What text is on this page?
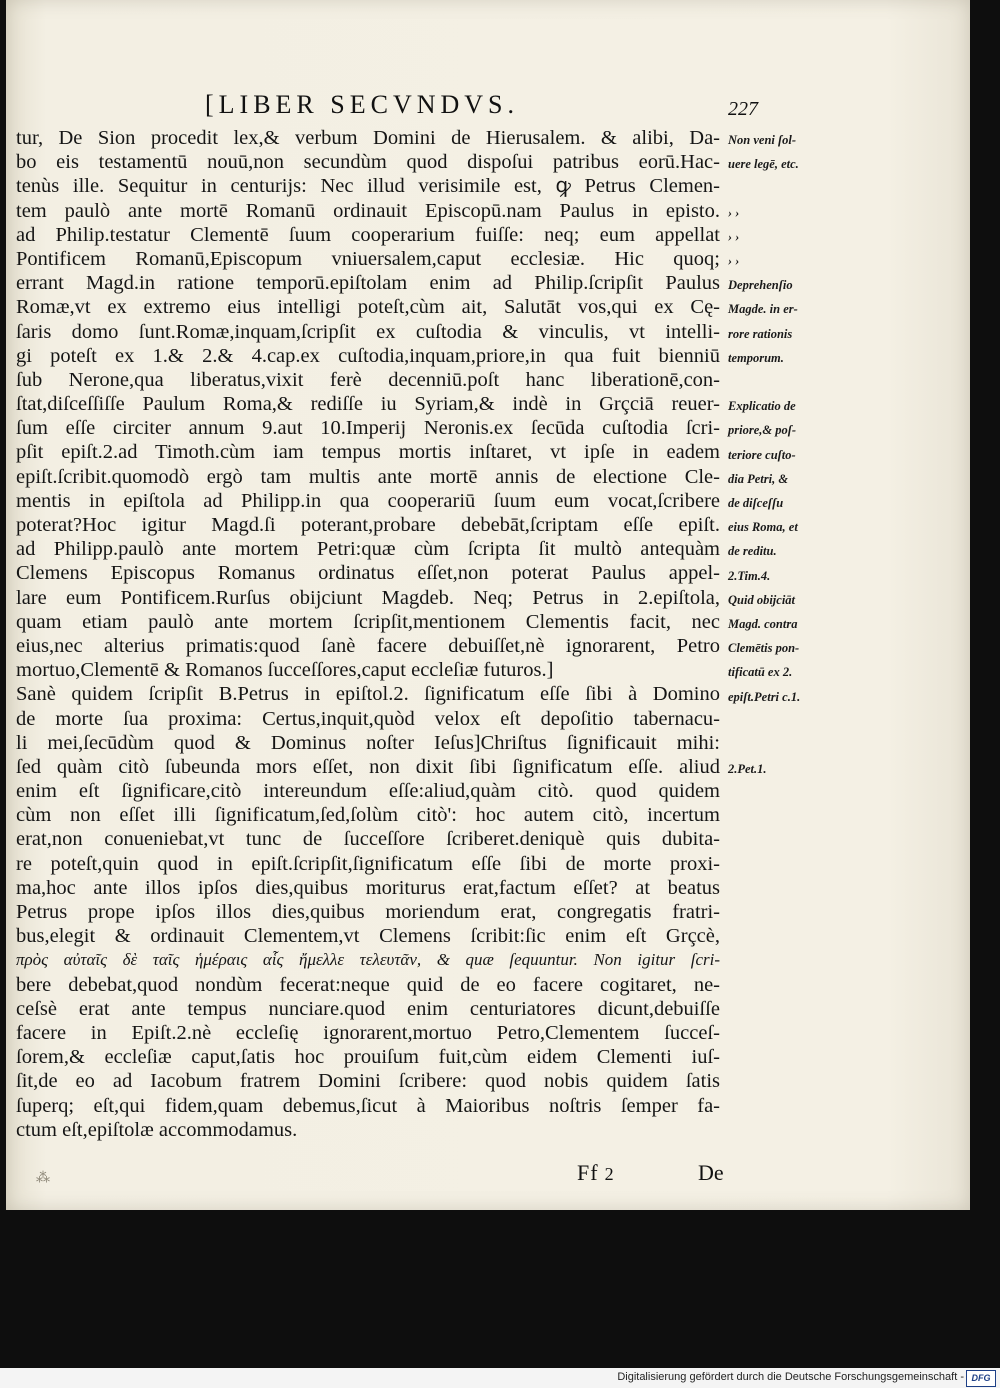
[LIBER SECVNDVS.	227
tur, De Sion procedit lex,& verbum Domini de Hierusalem. & alibi, Da-
bo eis testamentū nouū,non secundùm quod dispoſui patribus eorū.Hac-
tenùs ille. Sequitur in centurijs: Nec illud verisimile est, ꝙ Petrus Clemen-
tem paulò ante mortē Romanū ordinauit Episcopū.nam Paulus in episto.
ad Philip.testatur Clementē ſuum cooperarium fuiſſe: neq; eum appellat
Pontificem Romanū,Episcopum vniuersalem,caput ecclesiæ. Hic quoq;
errant Magd.in ratione temporū.epiſtolam enim ad Philip.ſcripſit Paulus
Romæ,vt ex extremo eius intelligi poteſt,cùm ait, Salutāt vos,qui ex Cę-
ſaris domo ſunt.Romæ,inquam,ſcripſit ex cuſtodia & vinculis, vt intelli-
gi poteſt ex 1.& 2.& 4.cap.ex cuſtodia,inquam,priore,in qua fuit bienniū
ſub Nerone,qua liberatus,vixit ferè decenniū.poſt hanc liberationē,con-
ſtat,diſceſſiſſe Paulum Roma,& rediſſe iu Syriam,& indè in Grçciā reuer-
ſum eſſe circiter annum 9.aut 10.Imperij Neronis.ex ſecūda cuſtodia ſcri-
pſit epiſt.2.ad Timoth.cùm iam tempus mortis inſtaret, vt ipſe in eadem
epiſt.ſcribit.quomodò ergò tam multis ante mortē annis de electione Cle-
mentis in epiſtola ad Philipp.in qua cooperariū ſuum eum vocat,ſcribere
poterat?Hoc igitur Magd.ſi poterant,probare debebāt,ſcriptam eſſe epiſt.
ad Philipp.paulò ante mortem Petri:quæ cùm ſcripta ſit multò antequàm
Clemens Episcopus Romanus ordinatus eſſet,non poterat Paulus appel-
lare eum Pontificem.Rurſus obijciunt Magdeb. Neq; Petrus in 2.epiſtola,
quam etiam paulò ante mortem ſcripſit,mentionem Clementis facit, nec
eius,nec alterius primatis:quod ſanè facere debuiſſet,nè ignorarent, Petro
mortuo,Clementē & Romanos ſucceſſores,caput eccleſiæ futuros.]
Sanè quidem ſcripſit B.Petrus in epiſtol.2. ſignificatum eſſe ſibi à Domino
de morte ſua proxima: Certus,inquit,quòd velox eſt depoſitio tabernacu-
li mei,ſecūdùm quod & Dominus noſter Ieſus]Chriſtus ſignificauit mihi:
ſed quàm citò ſubeunda mors eſſet, non dixit ſibi ſignificatum eſſe. aliud
enim eſt ſignificare,citò intereundum eſſe:aliud,quàm citò. quod quidem
cùm non eſſet illi ſignificatum,ſed,ſolùm citò': hoc autem citò, incertum
erat,non conueniebat,vt tunc de ſucceſſore ſcriberet.deniquè quis dubita-
re poteſt,quin quod in epiſt.ſcripſit,ſignificatum eſſe ſibi de morte proxi-
ma,hoc ante illos ipſos dies,quibus moriturus erat,factum eſſet? at beatus
Petrus prope ipſos illos dies,quibus moriendum erat, congregatis fratri-
bus,elegit & ordinauit Clementem,vt Clemens ſcribit:ſic enim eſt Grçcè,
πρὸς αὐταῖς δὲ ταῖς ἡμέραις αἷς ἤμελλε τελευτᾶν, & quæ ſequuntur. Non igitur ſcri-
bere debebat,quod nondùm fecerat:neque quid de eo facere cogitaret, ne-
ceſsè erat ante tempus nunciare.quod enim centuriatores dicunt,debuiſſe
facere in Epiſt.2.nè eccleſię ignorarent,mortuo Petro,Clementem ſucceſ-
ſorem,& eccleſiæ caput,ſatis hoc prouiſum fuit,cùm eidem Clementi iuſ-
ſit,de eo ad Iacobum fratrem Domini ſcribere: quod nobis quidem ſatis
ſuperq; eſt,qui fidem,quam debemus,ſicut à Maioribus noſtris ſemper fa-
ctum eſt,epiſtolæ accommodamus.
Non veni ſol-
uere legē, etc.
› ›
› ›
› ›
Deprehenſio
Magde. in er-
rore rationis
temporum.
Explicatio de
priore,& poſ-
teriore cuſto-
dia Petri, &
de diſceſſu
eius Roma, et
de reditu.
2.Tim.4.
Quid obijciāt
Magd. contra
Clemētis pon-
tificatū ex 2.
epiſt.Petri c.1.
2.Pet.1.
⁂	Ff 2	De
Digitalisierung gefördert durch die Deutsche Forschungsgemeinschaft - DFG
